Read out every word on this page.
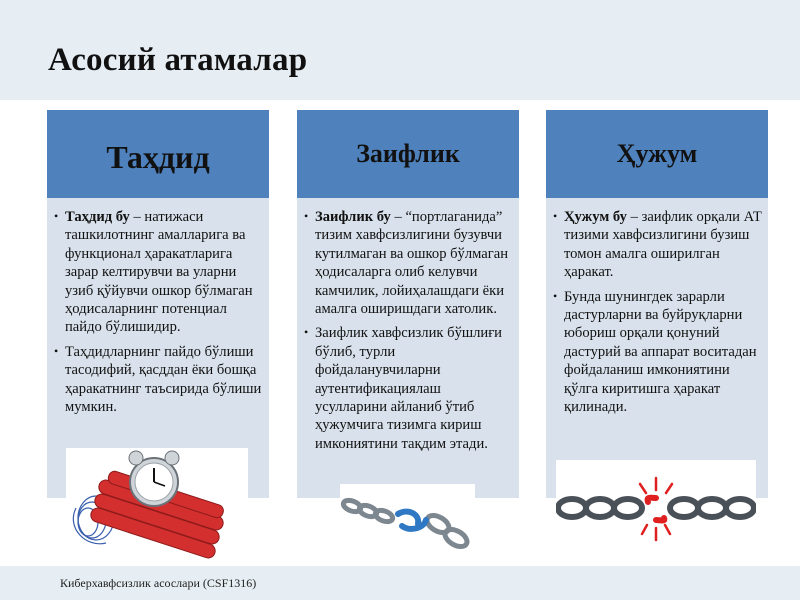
Асосий атамалар
Таҳдид
• Таҳдид бу – натижаси тaшкилотнинг амалларига ва функционал ҳаракатларига зарар келтирувчи ва уларни узиб қўйувчи ошкор бўлмаган ҳодисаларнинг потенциал пайдо бўлишидир.
• Таҳдидларнинг пайдо бўлиши тасодифий, қасддан ёки бошқа ҳаракатнинг таъсирида бўлиши мумкин.
Заифлик
• Заифлик бу – “портлаганида” тизим хавфсизлигини бузувчи кутилмаган ва ошкор бўлмаган ҳодисаларга олиб келувчи камчилик, лойиҳалашдаги ёки амалга оширишдаги хатолик.
• Заифлик хавфсизлик бўшлиғи бўлиб, турли фойдаланувчиларни аутентификациялаш усулларини айланиб ўтиб ҳужумчига тизимга кириш имкониятини тақдим этади.
Ҳужум
• Ҳужум бу – заифлик орқали АТ тизими хавфсизлигини бузиш томон амалга оширилган ҳаракат.
• Бунда шунингдек зарарли дастурларни ва буйруқларни юбориш орқали қонуний дастурий ва аппарат воситадан фойдаланиш имкониятини қўлга киритишга ҳаракат қилинади.
Киберхавфсизлик асослари (CSF1316)
